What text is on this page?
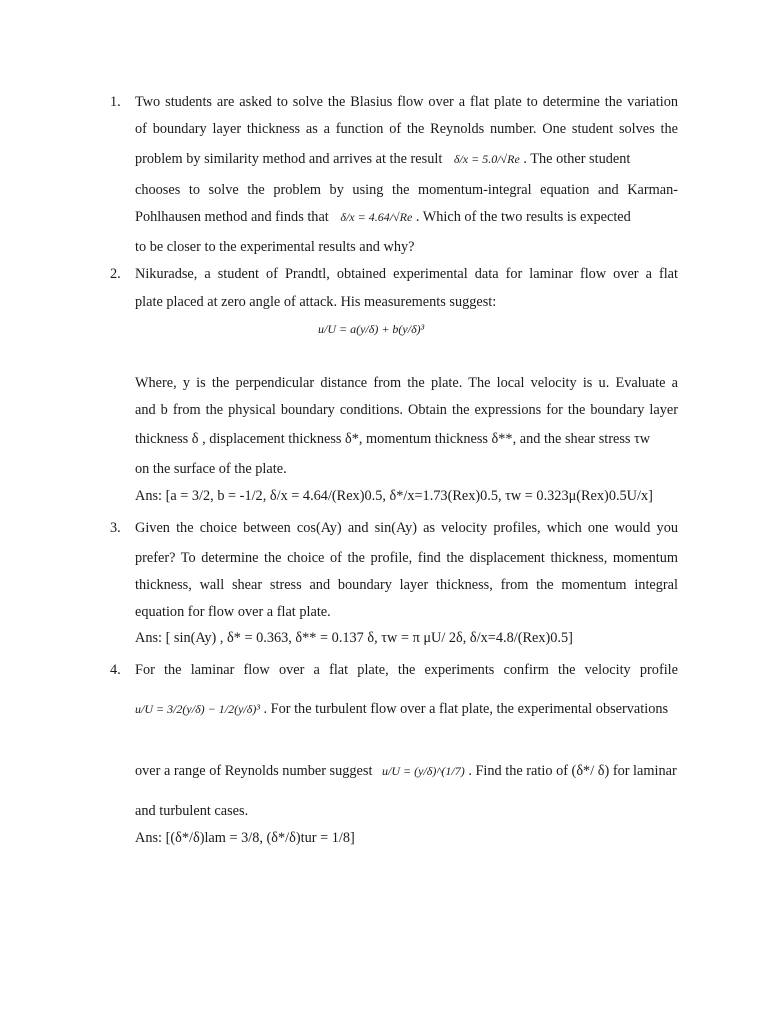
1. Two students are asked to solve the Blasius flow over a flat plate to determine the variation
of boundary layer thickness as a function of the Reynolds number. One student solves the
problem by similarity method and arrives at the result δ/x = 5.0/√Re . The other student
chooses to solve the problem by using the momentum-integral equation and Karman-
Pohlhausen method and finds that δ/x = 4.64/√Re . Which of the two results is expected
to be closer to the experimental results and why?
2. Nikuradse, a student of Prandtl, obtained experimental data for laminar flow over a flat
plate placed at zero angle of attack. His measurements suggest:
u/U = a(y/δ) + b(y/δ)³
Where, y is the perpendicular distance from the plate. The local velocity is u. Evaluate a
and b from the physical boundary conditions. Obtain the expressions for the boundary layer
thickness δ , displacement thickness δ*, momentum thickness δ**, and the shear stress τw
on the surface of the plate.
Ans: [a = 3/2, b = -1/2, δ/x = 4.64/(Rex)0.5, δ*/x=1.73(Rex)0.5, τw = 0.323μ(Rex)0.5U/x]
3. Given the choice between cos(Ay) and sin(Ay) as velocity profiles, which one would you
prefer? To determine the choice of the profile, find the displacement thickness, momentum
thickness, wall shear stress and boundary layer thickness, from the momentum integral
equation for flow over a flat plate.
Ans: [ sin(Ay) , δ* = 0.363, δ** = 0.137 δ, τw = π μU/ 2δ, δ/x=4.8/(Rex)0.5]
4. For the laminar flow over a flat plate, the experiments confirm the velocity profile
u/U = 3/2(y/δ) − 1/2(y/δ)³ . For the turbulent flow over a flat plate, the experimental observations
over a range of Reynolds number suggest u/U = (y/δ)^(1/7) . Find the ratio of (δ*/ δ) for laminar
and turbulent cases.
Ans: [(δ*/δ)lam = 3/8, (δ*/δ)tur = 1/8]
